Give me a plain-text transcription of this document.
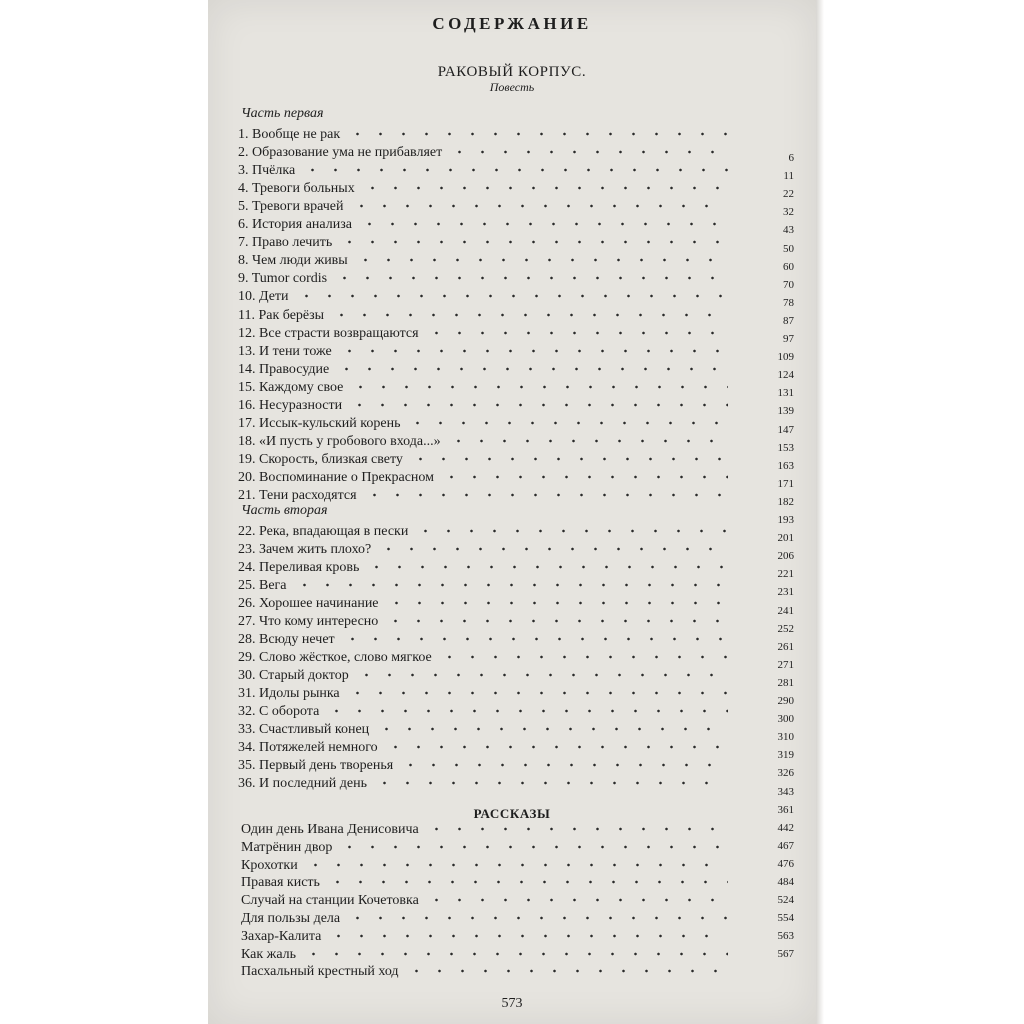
СОДЕРЖАНИЕ
РАКОВЫЙ КОРПУС.
Повесть
Часть первая
Часть вторая
РАССКАЗЫ
1. Вообще не рак
2. Образование ума не прибавляет
3. Пчёлка
4. Тревоги больных
5. Тревоги врачей
6. История анализа
7. Право лечить
8. Чем люди живы
9. Tumor cordis
10. Дети
11. Рак берёзы
12. Все страсти возвращаются
13. И тени тоже
14. Правосудие
15. Каждому свое
16. Несуразности
17. Иссык-кульский корень
18. «И пусть у гробового входа...»
19. Скорость, близкая свету
20. Воспоминание о Прекрасном
21. Тени расходятся
22. Река, впадающая в пески
23. Зачем жить плохо?
24. Переливая кровь
25. Вега
26. Хорошее начинание
27. Что кому интересно
28. Всюду нечет
29. Слово жёсткое, слово мягкое
30. Старый доктор
31. Идолы рынка
32. С оборота
33. Счастливый конец
34. Потяжелей немного
35. Первый день творенья
36. И последний день
Один день Ивана Денисовича
Матрёнин двор
Крохотки
Правая кисть
Случай на станции Кочетовка
Для пользы дела
Захар-Калита
Как жаль
Пасхальный крестный ход
6
11
22
32
43
50
60
70
78
87
97
109
124
131
139
147
153
163
171
182
193
201
206
221
231
241
252
261
271
281
290
300
310
319
326
343
361
442
467
476
484
524
554
563
567
573
